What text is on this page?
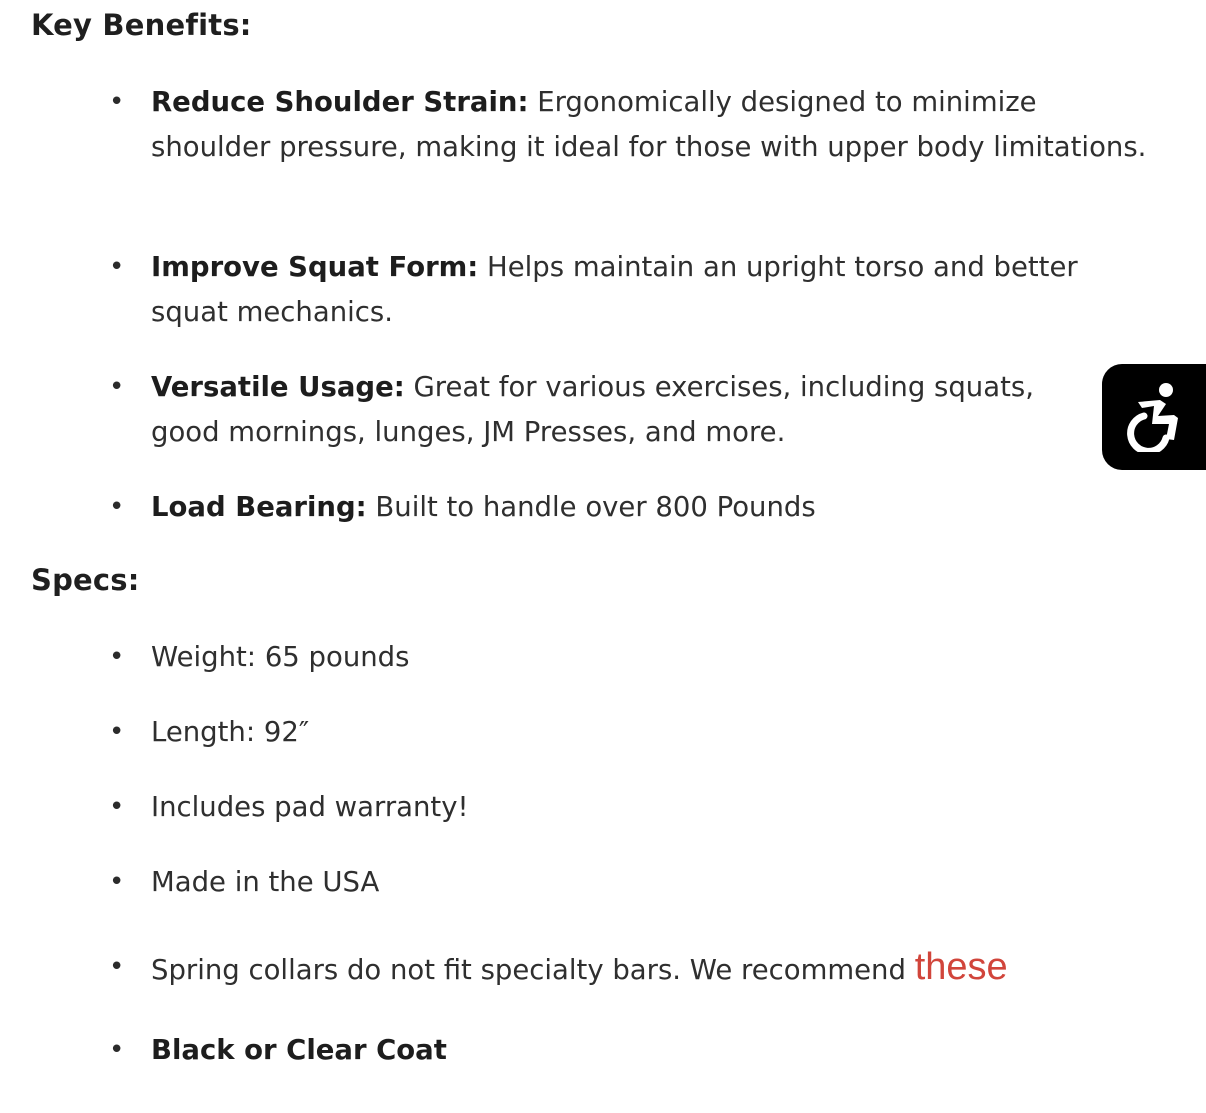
Key Benefits:
• Reduce Shoulder Strain: Ergonomically designed to minimize shoulder pressure, making it ideal for those with upper body limitations.
• Improve Squat Form: Helps maintain an upright torso and better squat mechanics.
• Versatile Usage: Great for various exercises, including squats, good mornings, lunges, JM Presses, and more.
• Load Bearing: Built to handle over 800 Pounds
Specs:
• Weight: 65 pounds
• Length: 92″
• Includes pad warranty!
• Made in the USA
• Spring collars do not fit specialty bars. We recommend these
• Black or Clear Coat
